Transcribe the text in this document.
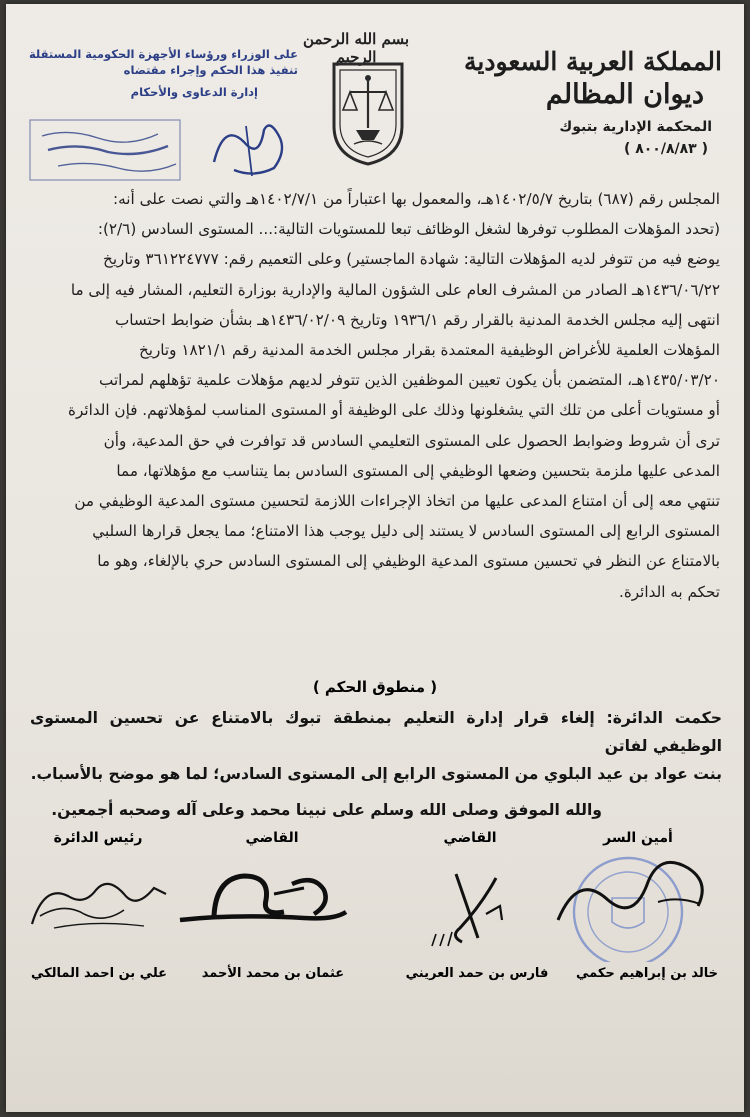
المملكة العربية السعودية
ديوان المظالم
المحكمة الإدارية بتبوك
( ٨٠٠/٨/٨٣ )
بسم الله الرحمن الرحيم
على الوزراء ورؤساء الأجهزة الحكومية المستقلة تنفيذ هذا الحكم وإجراء مقتضاه
إدارة الدعاوى والأحكام

المجلس رقم (٦٨٧) بتاريخ ١٤٠٢/٥/٧هـ، والمعمول بها اعتباراً من ١٤٠٢/٧/١هـ والتي نصت على أنه:

(تحدد المؤهلات المطلوب توفرها لشغل الوظائف تبعا للمستويات التالية:... المستوى السادس (٢/٦):

يوضع فيه من تتوفر لديه المؤهلات التالية: شهادة الماجستير) وعلى التعميم رقم: ٣٦١٢٢٤٧٧٧ وتاريخ

١٤٣٦/٠٦/٢٢هـ الصادر من المشرف العام على الشؤون المالية والإدارية بوزارة التعليم، المشار فيه إلى ما

انتهى إليه مجلس الخدمة المدنية بالقرار رقم ١٩٣٦/١ وتاريخ ١٤٣٦/٠٢/٠٩هـ بشأن ضوابط احتساب

المؤهلات العلمية للأغراض الوظيفية المعتمدة بقرار مجلس الخدمة المدنية رقم ١٨٢١/١ وتاريخ

١٤٣٥/٠٣/٢٠هـ، المتضمن بأن يكون تعيين الموظفين الذين تتوفر لديهم مؤهلات علمية تؤهلهم لمراتب

أو مستويات أعلى من تلك التي يشغلونها وذلك على الوظيفة أو المستوى المناسب لمؤهلاتهم. فإن الدائرة

ترى أن شروط وضوابط الحصول على المستوى التعليمي السادس قد توافرت في حق المدعية، وأن

المدعى عليها ملزمة بتحسين وضعها الوظيفي إلى المستوى السادس بما يتناسب مع مؤهلاتها، مما

تنتهي معه إلى أن امتناع المدعى عليها من اتخاذ الإجراءات اللازمة لتحسين مستوى المدعية الوظيفي من

المستوى الرابع إلى المستوى السادس لا يستند إلى دليل يوجب هذا الامتناع؛ مما يجعل قرارها السلبي

بالامتناع عن النظر في تحسين مستوى المدعية الوظيفي إلى المستوى السادس حري بالإلغاء، وهو ما

تحكم به الدائرة.

( منطوق الحكم )

حكمت الدائرة: إلغاء قرار إدارة التعليم بمنطقة تبوك بالامتناع عن تحسين المستوى الوظيفي لفاتن

بنت عواد بن عيد البلوي من المستوى الرابع إلى المستوى السادس؛ لما هو موضح بالأسباب.

والله الموفق وصلى الله وسلم على نبينا محمد وعلى آله وصحبه أجمعين.

رئيس الدائرة	القاضي	القاضي	أمين السر
علي بن احمد المالكي	عثمان بن محمد الأحمد	فارس بن حمد العريني	خالد بن إبراهيم حكمي
